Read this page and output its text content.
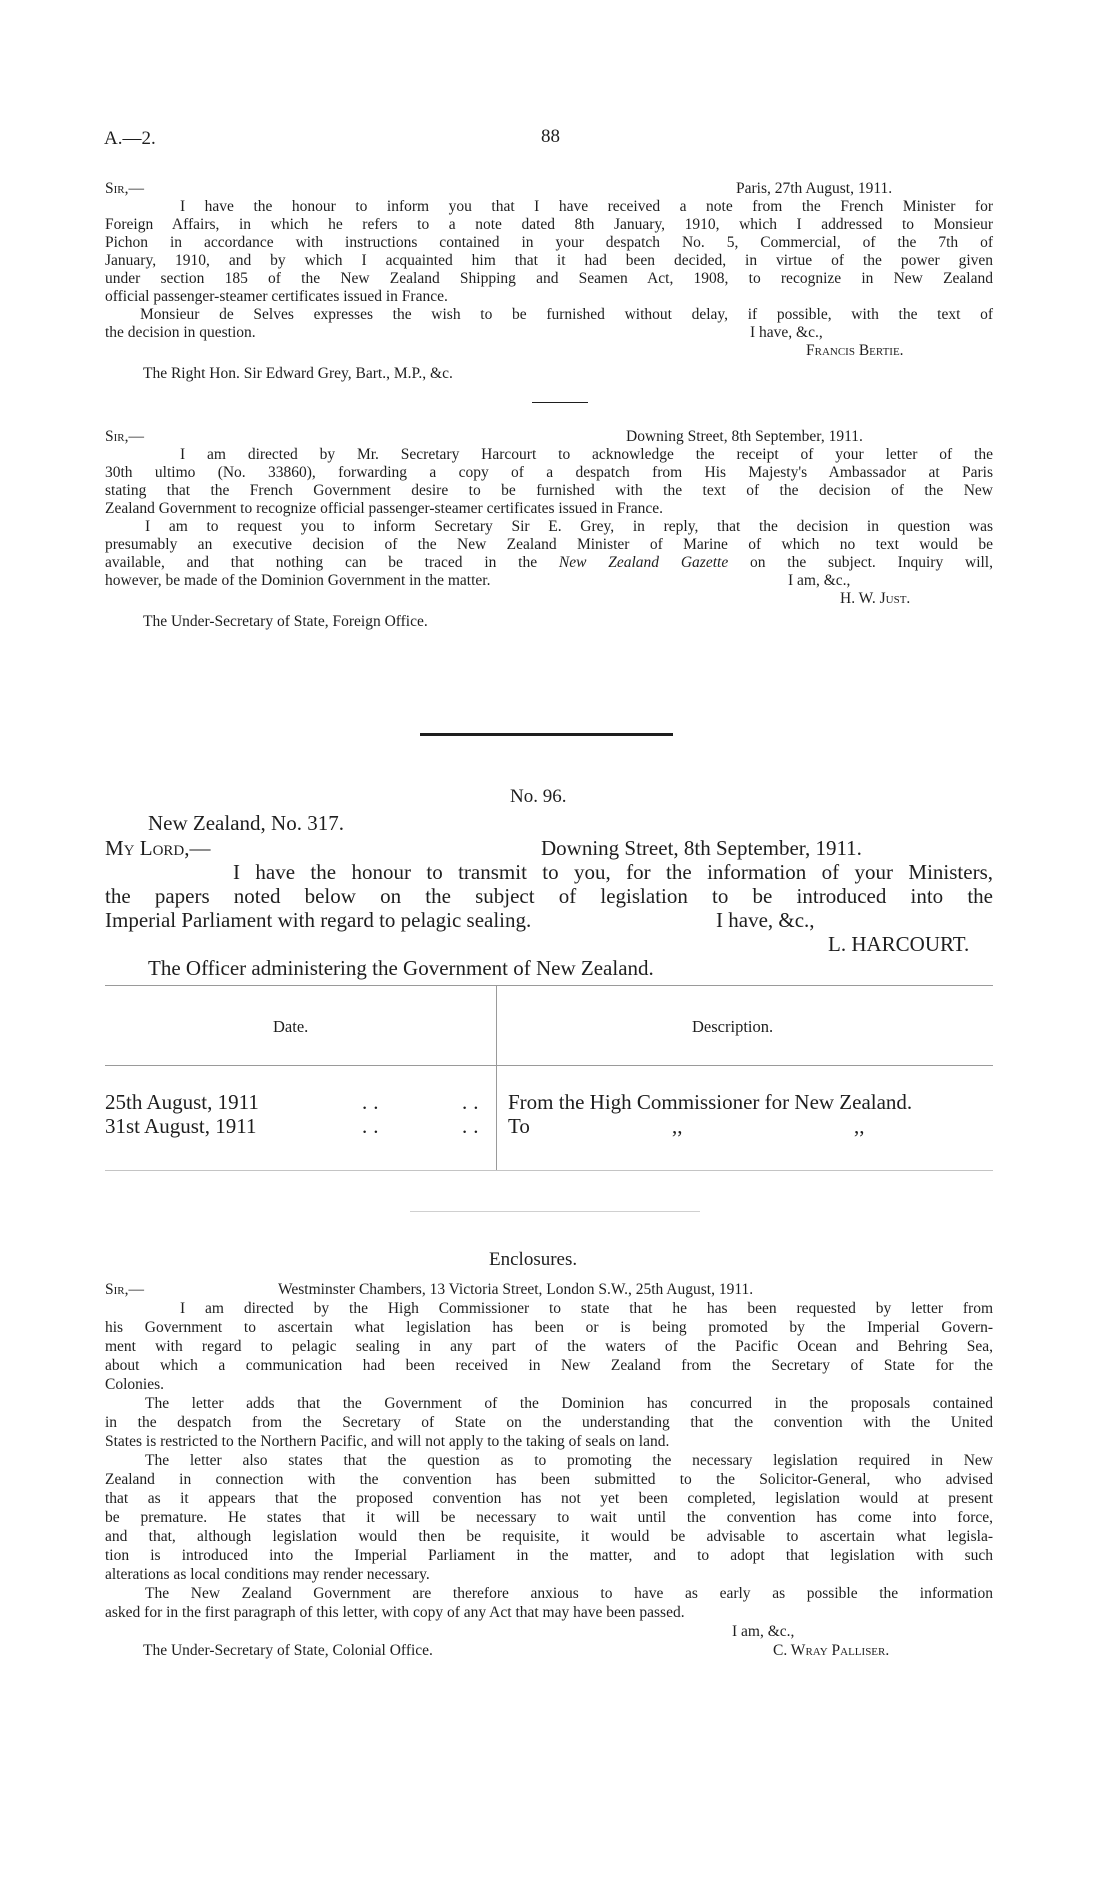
A.—2.	88
Sir,—	Paris, 27th August, 1911.
I have the honour to inform you that I have received a note from the French Minister for
Foreign Affairs, in which he refers to a note dated 8th January, 1910, which I addressed to Monsieur
Pichon in accordance with instructions contained in your despatch No. 5, Commercial, of the 7th of
January, 1910, and by which I acquainted him that it had been decided, in virtue of the power given
under section 185 of the New Zealand Shipping and Seamen Act, 1908, to recognize in New Zealand
official passenger-steamer certificates issued in France.
Monsieur de Selves expresses the wish to be furnished without delay, if possible, with the text of
the decision in question.	I have, &c.,
Francis Bertie.
The Right Hon. Sir Edward Grey, Bart., M.P., &c.
Sir,—	Downing Street, 8th September, 1911.
I am directed by Mr. Secretary Harcourt to acknowledge the receipt of your letter of the
30th ultimo (No. 33860), forwarding a copy of a despatch from His Majesty's Ambassador at Paris
stating that the French Government desire to be furnished with the text of the decision of the New
Zealand Government to recognize official passenger-steamer certificates issued in France.
I am to request you to inform Secretary Sir E. Grey, in reply, that the decision in question was
presumably an executive decision of the New Zealand Minister of Marine of which no text would be
available, and that nothing can be traced in the New Zealand Gazette on the subject. Inquiry will,
however, be made of the Dominion Government in the matter.	I am, &c.,
H. W. Just.
The Under-Secretary of State, Foreign Office.
No. 96.
New Zealand, No. 317.
My Lord,—	Downing Street, 8th September, 1911.
I have the honour to transmit to you, for the information of your Ministers,
the papers noted below on the subject of legislation to be introduced into the
Imperial Parliament with regard to pelagic sealing.	I have, &c.,
L. HARCOURT.
The Officer administering the Government of New Zealand.
Date.	Description.
25th August, 1911	..	.. From the High Commissioner for New Zealand.
31st August, 1911	..	.. To	,,	,,
Enclosures.
Sir,—	Westminster Chambers, 13 Victoria Street, London S.W., 25th August, 1911.
I am directed by the High Commissioner to state that he has been requested by letter from
his Government to ascertain what legislation has been or is being promoted by the Imperial Govern-
ment with regard to pelagic sealing in any part of the waters of the Pacific Ocean and Behring Sea,
about which a communication had been received in New Zealand from the Secretary of State for the
Colonies.
The letter adds that the Government of the Dominion has concurred in the proposals contained
in the despatch from the Secretary of State on the understanding that the convention with the United
States is restricted to the Northern Pacific, and will not apply to the taking of seals on land.
The letter also states that the question as to promoting the necessary legislation required in New
Zealand in connection with the convention has been submitted to the Solicitor-General, who advised
that as it appears that the proposed convention has not yet been completed, legislation would at present
be premature. He states that it will be necessary to wait until the convention has come into force,
and that, although legislation would then be requisite, it would be advisable to ascertain what legisla-
tion is introduced into the Imperial Parliament in the matter, and to adopt that legislation with such
alterations as local conditions may render necessary.
The New Zealand Government are therefore anxious to have as early as possible the information
asked for in the first paragraph of this letter, with copy of any Act that may have been passed.
I am, &c.,
The Under-Secretary of State, Colonial Office.	C. Wray Palliser.
